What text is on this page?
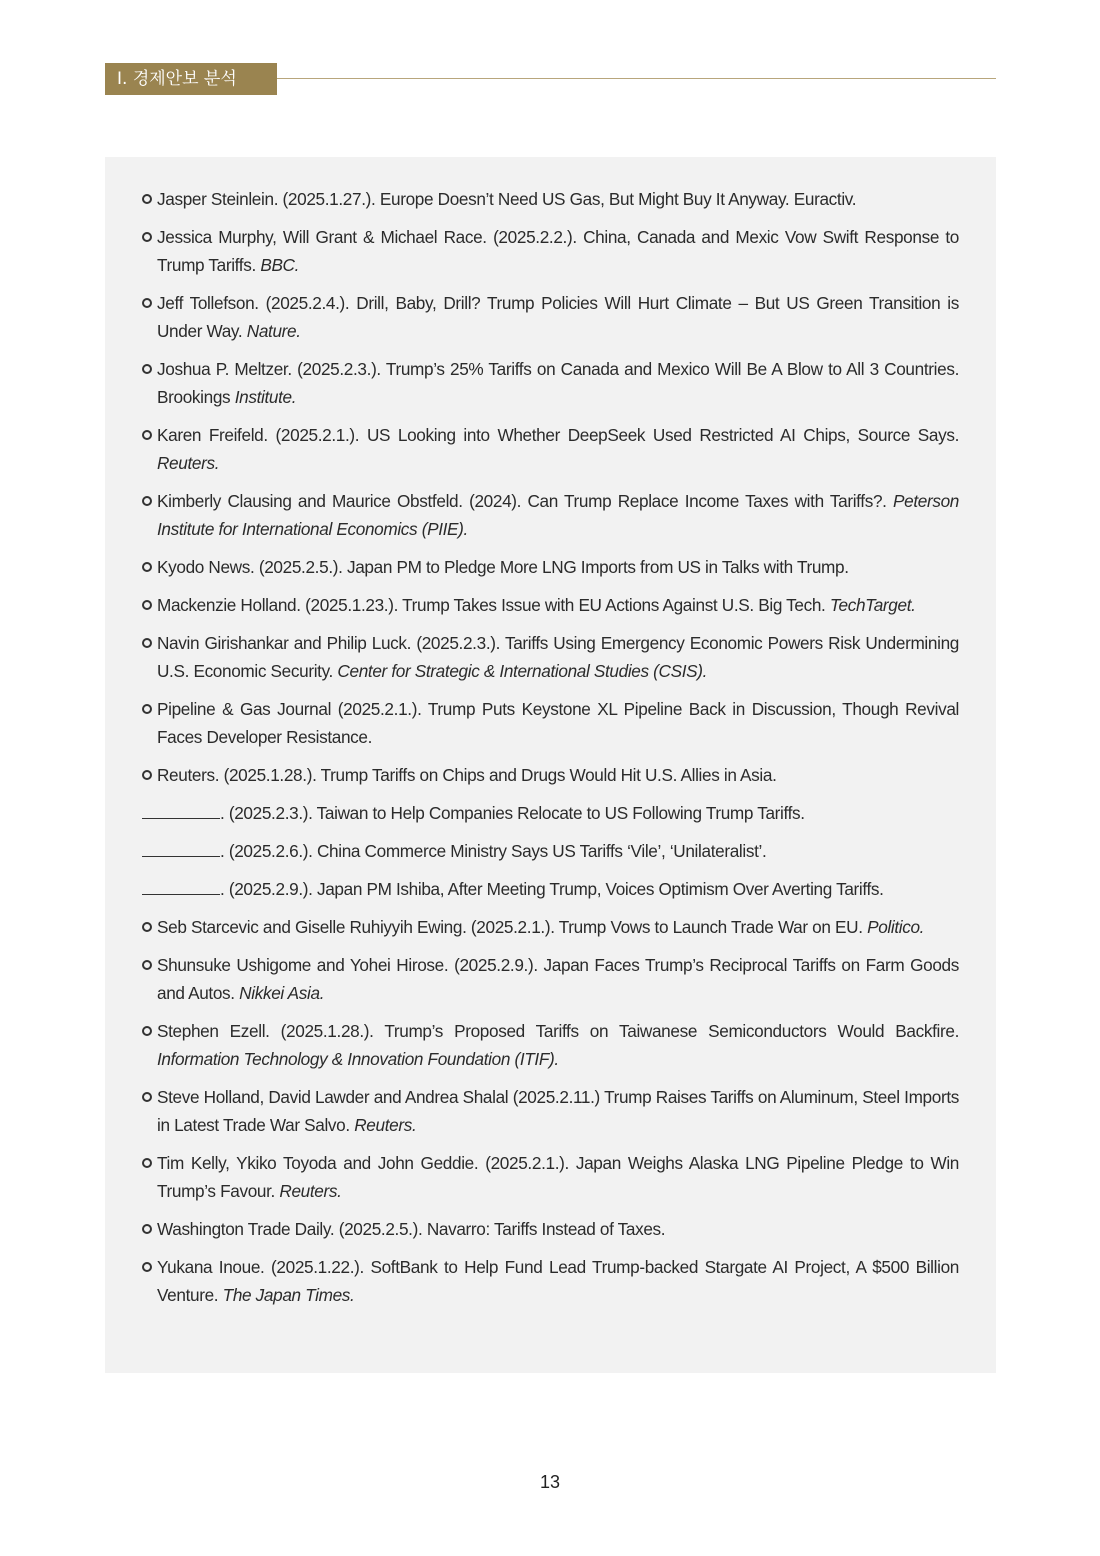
Ⅰ. 경제안보 분석
Jasper Steinlein. (2025.1.27.). Europe Doesn’t Need US Gas, But Might Buy It Anyway. Euractiv.
Jessica Murphy, Will Grant & Michael Race. (2025.2.2.). China, Canada and Mexic Vow Swift Response to Trump Tariffs. BBC.
Jeff Tollefson. (2025.2.4.). Drill, Baby, Drill? Trump Policies Will Hurt Climate – But US Green Transition is Under Way. Nature.
Joshua P. Meltzer. (2025.2.3.). Trump’s 25% Tariffs on Canada and Mexico Will Be A Blow to All 3 Countries. Brookings Institute.
Karen Freifeld. (2025.2.1.). US Looking into Whether DeepSeek Used Restricted AI Chips, Source Says. Reuters.
Kimberly Clausing and Maurice Obstfeld. (2024). Can Trump Replace Income Taxes with Tariffs?. Peterson Institute for International Economics (PIIE).
Kyodo News. (2025.2.5.). Japan PM to Pledge More LNG Imports from US in Talks with Trump.
Mackenzie Holland. (2025.1.23.). Trump Takes Issue with EU Actions Against U.S. Big Tech. TechTarget.
Navin Girishankar and Philip Luck. (2025.2.3.). Tariffs Using Emergency Economic Powers Risk Undermining U.S. Economic Security. Center for Strategic & International Studies (CSIS).
Pipeline & Gas Journal (2025.2.1.). Trump Puts Keystone XL Pipeline Back in Discussion, Though Revival Faces Developer Resistance.
Reuters. (2025.1.28.). Trump Tariffs on Chips and Drugs Would Hit U.S. Allies in Asia.
. (2025.2.3.). Taiwan to Help Companies Relocate to US Following Trump Tariffs.
. (2025.2.6.). China Commerce Ministry Says US Tariffs ‘Vile’, ‘Unilateralist’.
. (2025.2.9.). Japan PM Ishiba, After Meeting Trump, Voices Optimism Over Averting Tariffs.
Seb Starcevic and Giselle Ruhiyyih Ewing. (2025.2.1.). Trump Vows to Launch Trade War on EU. Politico.
Shunsuke Ushigome and Yohei Hirose. (2025.2.9.). Japan Faces Trump’s Reciprocal Tariffs on Farm Goods and Autos. Nikkei Asia.
Stephen Ezell. (2025.1.28.). Trump’s Proposed Tariffs on Taiwanese Semiconductors Would Backfire. Information Technology & Innovation Foundation (ITIF).
Steve Holland, David Lawder and Andrea Shalal (2025.2.11.) Trump Raises Tariffs on Aluminum, Steel Imports in Latest Trade War Salvo. Reuters.
Tim Kelly, Ykiko Toyoda and John Geddie. (2025.2.1.). Japan Weighs Alaska LNG Pipeline Pledge to Win Trump’s Favour. Reuters.
Washington Trade Daily. (2025.2.5.). Navarro: Tariffs Instead of Taxes.
Yukana Inoue. (2025.1.22.). SoftBank to Help Fund Lead Trump-backed Stargate AI Project, A $500 Billion Venture. The Japan Times.
13
